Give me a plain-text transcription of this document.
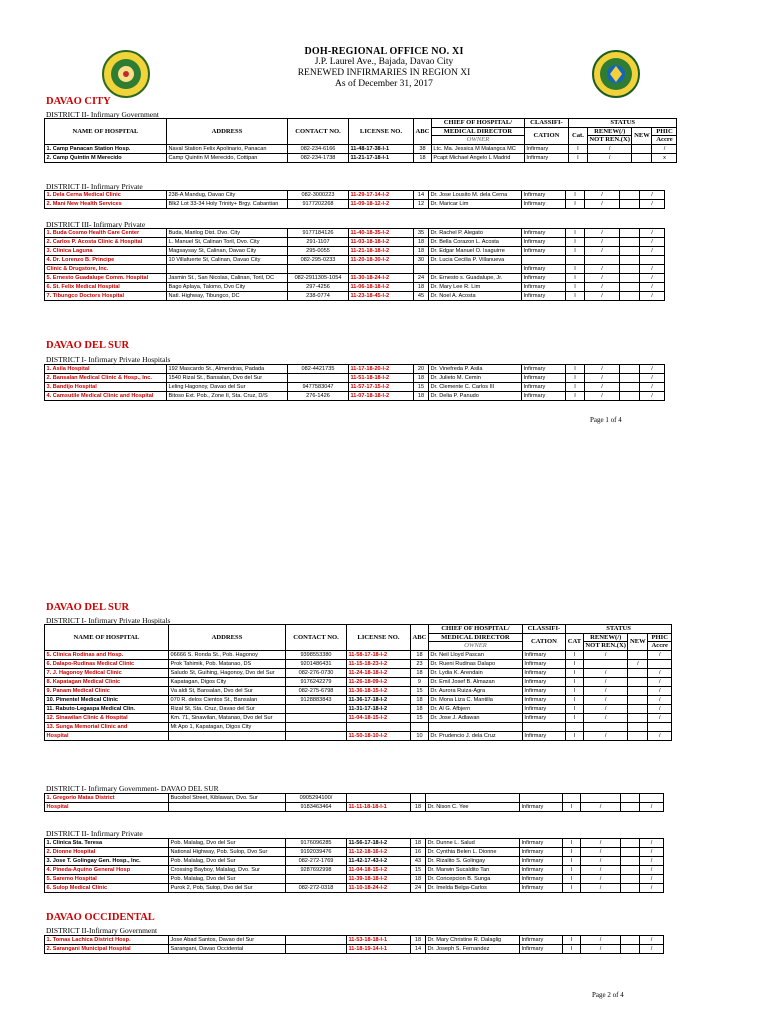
DOH-REGIONAL OFFICE NO. XI
J.P. Laurel Ave., Bajada, Davao City
RENEWED INFIRMARIES IN REGION XI
As of December 31, 2017
DAVAO CITY
DISTRICT II- Infirmary Government
NAME OF HOSPITAL	ADDRESS	CONTACT NO.	LICENSE NO.	ABC	CHIEF OF HOSPITAL/	CLASSIFI-	STATUS			
					MEDICAL DIRECTOR	CATION	Cat.	RENEW(/)	NEW	PHIC
					OWNER			NOT REN.(X)		Accre
1. Camp Panacan Station Hosp.	Naval Station Felix Apolinario, Panacan	082-234-6166	11-48-17-38-I-1	38	Ltc. Ma. Jessica M Malangca MC	Infirmary	I	/		/
2. Camp Quintin M Merecido	Camp Quintin M Merecido, Cottipan	082-234-1738	11-21-17-18-I-1	18	Pcapt Michael Angelo L Madrid	Infirmary	I	/		x
DISTRICT II- Infirmary Private
1. Dela Cerna Medical Clinic	238-A Mandug, Davao City	082-3000223	11-29-17-14-I-2	14	Dr. Jose Lousito M. dela Cerna	Infirmary	I	/		/
2. Mani New Health Services	Blk2 Lot 33-34 Holy Trinity+ Brgy. Cabantian	9177202268	11-09-18-12-I-2	12	Dr. Maricar Lim	Infirmary	I	/		/
DISTRICT III- Infirmary Private
1. Buda Cosmo Health Care Center	Buda, Marilog Dist. Dvo. City	9177184126	11-40-18-35-I-2	35	Dr. Rachel P. Alegato	Infirmary	I	/		/
2. Carlos P. Acosta Clinic & Hospital	L. Manuel St, Calinan Toril, Dvo. City	291-1107	11-03-18-18-I-2	18	Dr. Bella Corazon L. Acosta	Infirmary	I	/		/
3. Clinica Laguna	Magsaysay St, Calinan, Davao City	295-0055	11-21-18-18-I-2	18	Dr. Edgar Manuel O. Isaguirre	Infirmary	I	/		/
4. Dr. Lorenzo B. Principe	10 Villafuerte St, Calinan, Davao City	082-295-0233	11-20-18-30-I-2	30	Dr. Lucia Cecilia P. Villanueva					
Clinic & Drugstore, Inc.						Infirmary	I	/		/
5. Ernesto Guadalupe Comm. Hospital	Jasmin St., San Nicolas, Calinan, Toril, DC	082-2911305-1054	11-30-18-24-I-2	24	Dr. Ernesto s. Guadalupe, Jr.	Infirmary	I	/		/
6. St. Felix Medical Hospital	Bago Aplaya, Talomo, Dvo City	297-4256	11-06-18-18-I-2	18	Dr. Mary Lee R. Lim	Infirmary	I	/		/
7. Tibungco Doctors Hospital	Natl. Highway, Tibungco, DC	238-0774	11-23-18-45-I-2	45	Dr. Noel A. Acosta	Infirmary	I	/		/
DAVAO DEL SUR
DISTRICT I- Infirmary Private Hospitals
1. Asila Hospital	192 Mascardo St., Almendras, Padada	082-4421735	11-17-18-20-I-2	20	Dr. Vinefreda P. Asila	Infirmary	I	/		/
2. Bansalan Medical Clinic & Hosp., Inc.	1540 Rizal St., Bansalan, Dvo del Sur		11-51-18-18-I-2	18	Dr. Julieto M. Cemin	Infirmary	I	/		/
3. Bandijo Hospital	Leling Hagonoy, Davao del Sur	9477583047	11-57-17-15-I-2	15	Dr. Clemente C. Carlos III	Infirmary	I	/		/
4. Camsutile Medical Clinic and Hospital	Bitoso Ext. Pob., Zone II, Sta. Cruz, D/S	276-1426	11-07-18-18-I-2	18	Dr. Delia P. Panudo	Infirmary	I	/		/
Page 1 of 4
DAVAO DEL SUR
DISTRICT I- Infirmary Private Hospitals
NAME OF HOSPITAL	ADDRESS	CONTACT NO.	LICENSE NO.	ABC	CHIEF OF HOSPITAL/	CLASSIFI-	STATUS			
					MEDICAL DIRECTOR	CATION	CAT	RENEW(/)	NEW	PHIC
					OWNER			NOT REN.(X)		Accre
5. Clinica Rodinas and Hosp.	06666 S. Ronda St., Pob. Hagonoy	9398553380	11-58-17-18-I-2	18	Dr. Neil Lloyd Pascan	Infirmary	I	/		/
6. Dalapo-Rudinas Medical Clinic	Prok Tahimik, Pob. Matanao, DS	9201486431	11-15-18-23-I-2	23	Dr. Rueni Rudinas Dalapo	Infirmary	I		/	
7. J. Hagonoy Medical Clinic	Saludo St, Guihing, Hagonoy, Dvo del Sur	082-276-0730	11-24-18-18-I-2	18	Dr. Lydia K. Arendain	Infirmary	I	/		/
8. Kapatagan Medical Clinic	Kapatagan, Digos City	9176242279	11-26-18-09-I-2	9	Dr. Emil Josef B. Almazan	Infirmary	I	/		/
9. Panam Medical Clinic	Va aldi St, Bansalan, Dvo del Sur	082-275-6798	11-36-18-15-I-2	15	Dr. Aurora Ruiza-Agra	Infirmary	I	/		/
10. Pimentel Medical Clinic	070 R. delos Cientos St., Bansalan	9128883843	11-36-17-18-I-2	18	Dr. Mona Liza C. Mantilla	Infirmary	I	/		/
11. Rabuto-Legaspa Medical Clin.	Rizal St, Sta. Cruz, Davao del Sur		11-31-17-18-I-2	18	Dr. Al G. Afbjern	Infirmary	I	/		/
12. Sinawilan Clinic & Hospital	Km. 71, Sinawilan, Matanao, Dvo del Sur		11-04-18-15-I-2	15	Dr. Jose J. Adlawan	Infirmary	I	/		/
13. Sunga Memorial Clinic and	Mt Apo 1, Kapatagan, Digos City									
Hospital			11-50-18-10-I-2	10	Dr. Prudencio J. dela Cruz	Infirmary	I	/		/
DISTRICT I- Infirmary Government- DAVAO DEL SUR
1. Gregorio Matas District	Bucobol Street, Kiblawan, Dvo. Sur	0905294100/								
Hospital		9183463464	11-11-18-18-I-1	18	Dr. Nison C. Yee	Infirmary	I	/		/
DISTRICT II- Infirmary Private
1. Clinica Sta. Teresa	Pob. Malalag, Dvo del Sur	9176096285	11-56-17-18-I-2	18	Dr. Dunne L. Salud	Infirmary	I	/		/
2. Dionne Hospital	National Highway, Pob. Sulop, Dvo Sur	9192039476	11-12-18-16-I-2	16	Dr. Cynthia Belen L. Dionne	Infirmary	I	/		/
3. Jose T. Golingay Gen. Hosp., Inc.	Pob. Malalag, Dvo del Sur	082-272-1769	11-42-17-43-I-2	43	Dr. Rizalito S. Golingay	Infirmary	I	/		/
4. Pineda-Aquino General Hosp	Crossing Bayboy, Malalag, Dvo. Sur	9287692998	11-04-18-15-I-2	15	Dr. Marwin Sucaldito Tan	Infirmary	I	/		/
5. Saremo Hospital	Pob. Malalag, Dvo del Sur		11-39-18-18-I-2	18	Dr. Concepcion B. Sunga	Infirmary	I	/		/
6. Sulop Medical Clinic	Purok 2, Pob, Sulop, Dvo del Sur	082-272-0318	11-10-18-24-I-2	24	Dr. Imelda Belga-Carlos	Infirmary	I	/		/
DAVAO OCCIDENTAL
DISTRICT II-Infirmary Government
1. Tomas Lachica District Hosp.	Jose Abad Santos, Davao del Sur		11-53-18-18-I-1	18	Dr. Mary Christine R. Dalaglig	Infirmary	I	/		/
2. Sarangani Municipal Hospital	Sarangani, Davao Occidental		11-18-19-14-I-1	14	Dr. Joseph S. Fernandez	Infirmary	I	/		/
Page 2 of 4
